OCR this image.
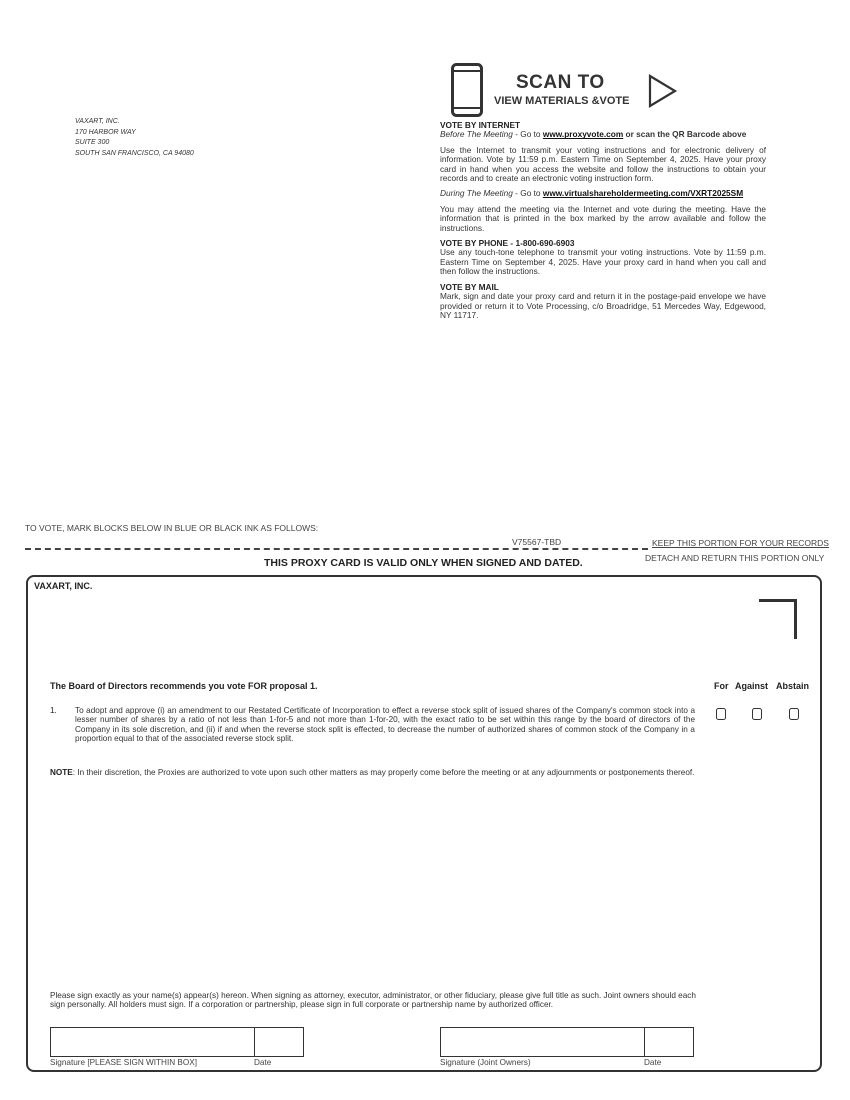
VAXART, INC.
170 HARBOR WAY
SUITE 300
SOUTH SAN FRANCISCO, CA 94080
SCAN TO
VIEW MATERIALS &VOTE

VOTE BY INTERNET

Before The Meeting - Go to www.proxyvote.com or scan the QR Barcode above

Use the Internet to transmit your voting instructions and for electronic delivery of information. Vote by 11:59 p.m. Eastern Time on September 4, 2025. Have your proxy card in hand when you access the website and follow the instructions to obtain your records and to create an electronic voting instruction form.

During The Meeting - Go to www.virtualshareholdermeeting.com/VXRT2025SM

You may attend the meeting via the Internet and vote during the meeting. Have the information that is printed in the box marked by the arrow available and follow the instructions.

VOTE BY PHONE - 1-800-690-6903

Use any touch-tone telephone to transmit your voting instructions. Vote by 11:59 p.m. Eastern Time on September 4, 2025. Have your proxy card in hand when you call and then follow the instructions.

VOTE BY MAIL

Mark, sign and date your proxy card and return it in the postage-paid envelope we have provided or return it to Vote Processing, c/o Broadridge, 51 Mercedes Way, Edgewood, NY 11717.

TO VOTE, MARK BLOCKS BELOW IN BLUE OR BLACK INK AS FOLLOWS:
V75567-TBD	KEEP THIS PORTION FOR YOUR RECORDS
DETACH AND RETURN THIS PORTION ONLY
THIS PROXY CARD IS VALID ONLY WHEN SIGNED AND DATED.
VAXART, INC.
The Board of Directors recommends you vote FOR proposal 1.	For Against Abstain
1. To adopt and approve (i) an amendment to our Restated Certificate of Incorporation to effect a reverse stock split of issued shares of the Company's common stock into a lesser number of shares by a ratio of not less than 1-for-5 and not more than 1-for-20, with the exact ratio to be set within this range by the board of directors of the Company in its sole discretion, and (ii) if and when the reverse stock split is effected, to decrease the number of authorized shares of common stock of the Company in a proportion equal to that of the associated reverse stock split.
NOTE: In their discretion, the Proxies are authorized to vote upon such other matters as may properly come before the meeting or at any adjournments or postponements thereof.
Please sign exactly as your name(s) appear(s) hereon. When signing as attorney, executor, administrator, or other fiduciary, please give full title as such. Joint owners should each sign personally. All holders must sign. If a corporation or partnership, please sign in full corporate or partnership name by authorized officer.
Signature [PLEASE SIGN WITHIN BOX]	Date	Signature (Joint Owners)	Date
